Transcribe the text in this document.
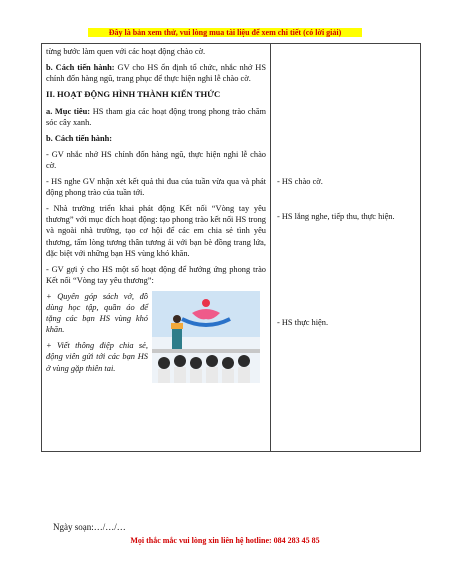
Đây là bản xem thử, vui lòng mua tài liệu để xem chi tiết (có lời giải)

từng bước làm quen với các hoạt động chào cờ.

b. Cách tiến hành: GV cho HS ổn định tổ chức, nhắc nhở HS chỉnh đốn hàng ngũ, trang phục để thực hiện nghi lễ chào cờ.

II. HOẠT ĐỘNG HÌNH THÀNH KIẾN THỨC

a. Mục tiêu: HS tham gia các hoạt động trong phong trào chăm sóc cây xanh.

b. Cách tiến hành:

- GV nhắc nhở HS chỉnh đốn hàng ngũ, thực hiện nghi lễ chào cờ.

- HS nghe GV nhận xét kết quả thi đua của tuần vừa qua và phát động phong trào của tuần tới.

- Nhà trường triển khai phát động Kết nối “Vòng tay yêu thương” với mục đích hoạt động: tạo phong trào kết nối HS trong và ngoài nhà trường, tạo cơ hội để các em chia sẻ tình yêu thương, tấm lòng tương thân tương ái với bạn bè đồng trang lứa, đặc biệt với những bạn HS vùng khó khăn.

- GV gợi ý cho HS một số hoạt động để hưởng ứng phong trào Kết nối “Vòng tay yêu thương”:

+ Quyên góp sách vở, đồ dùng học tập, quần áo để tặng các bạn HS vùng khó khăn.

+ Viết thông điệp chia sẻ, động viên gửi tới các bạn HS ở vùng gặp thiên tai.

- HS chào cờ.
- HS lắng nghe, tiếp thu, thực hiện.
- HS thực hiện.
Ngày soạn:…/…/…
Mọi thắc mắc vui lòng xin liên hệ hotline: 084 283 45 85
